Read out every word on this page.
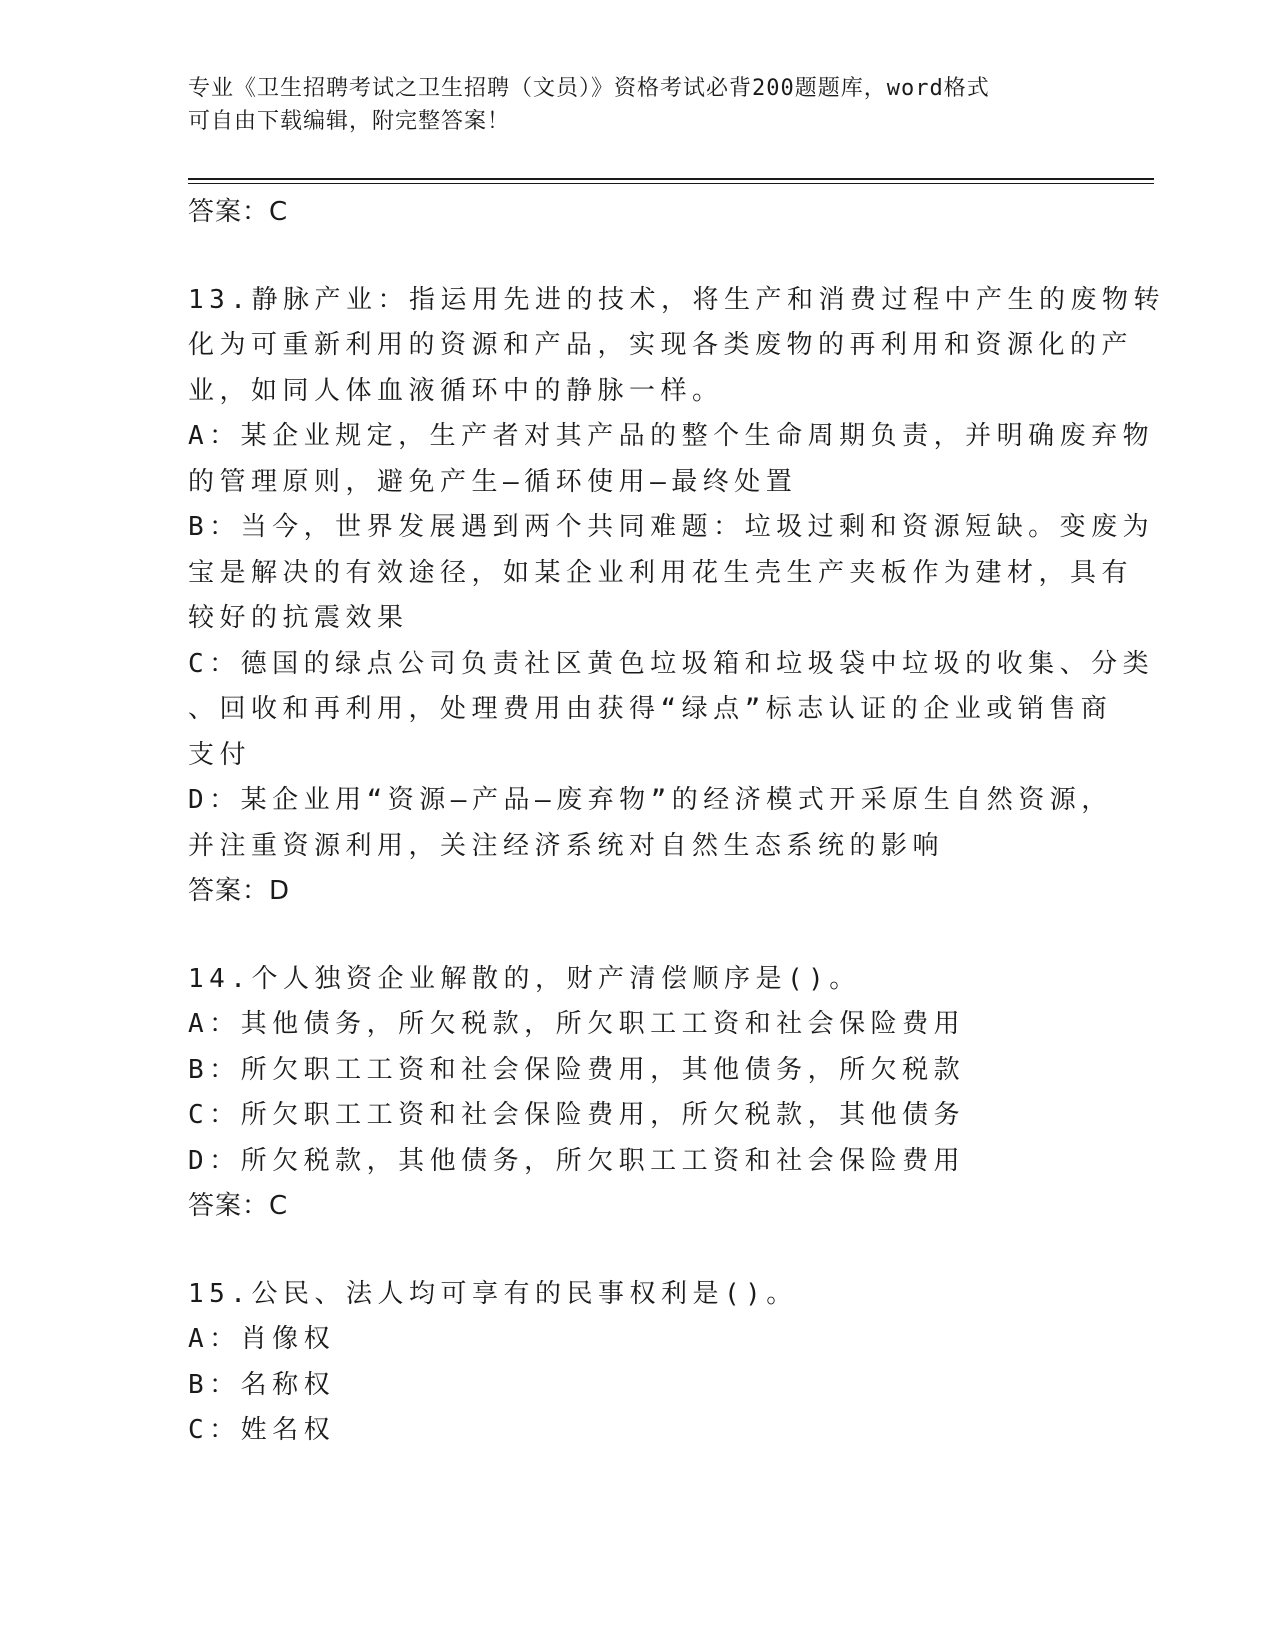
专业《卫生招聘考试之卫生招聘（文员）》资格考试必背200题题库，word格式
可自由下载编辑，附完整答案！
答案：C
13.静脉产业：指运用先进的技术，将生产和消费过程中产生的废物转
化为可重新利用的资源和产品，实现各类废物的再利用和资源化的产
业，如同人体血液循环中的静脉一样。
A：某企业规定，生产者对其产品的整个生命周期负责，并明确废弃物
的管理原则，避免产生—循环使用—最终处置
B：当今，世界发展遇到两个共同难题：垃圾过剩和资源短缺。变废为
宝是解决的有效途径，如某企业利用花生壳生产夹板作为建材，具有
较好的抗震效果
C：德国的绿点公司负责社区黄色垃圾箱和垃圾袋中垃圾的收集、分类
、回收和再利用，处理费用由获得“绿点”标志认证的企业或销售商
支付
D：某企业用“资源—产品—废弃物”的经济模式开采原生自然资源，
并注重资源利用，关注经济系统对自然生态系统的影响
答案：D
14.个人独资企业解散的，财产清偿顺序是()。
A：其他债务，所欠税款，所欠职工工资和社会保险费用
B：所欠职工工资和社会保险费用，其他债务，所欠税款
C：所欠职工工资和社会保险费用，所欠税款，其他债务
D：所欠税款，其他债务，所欠职工工资和社会保险费用
答案：C
15.公民、法人均可享有的民事权利是()。
A：肖像权
B：名称权
C：姓名权
